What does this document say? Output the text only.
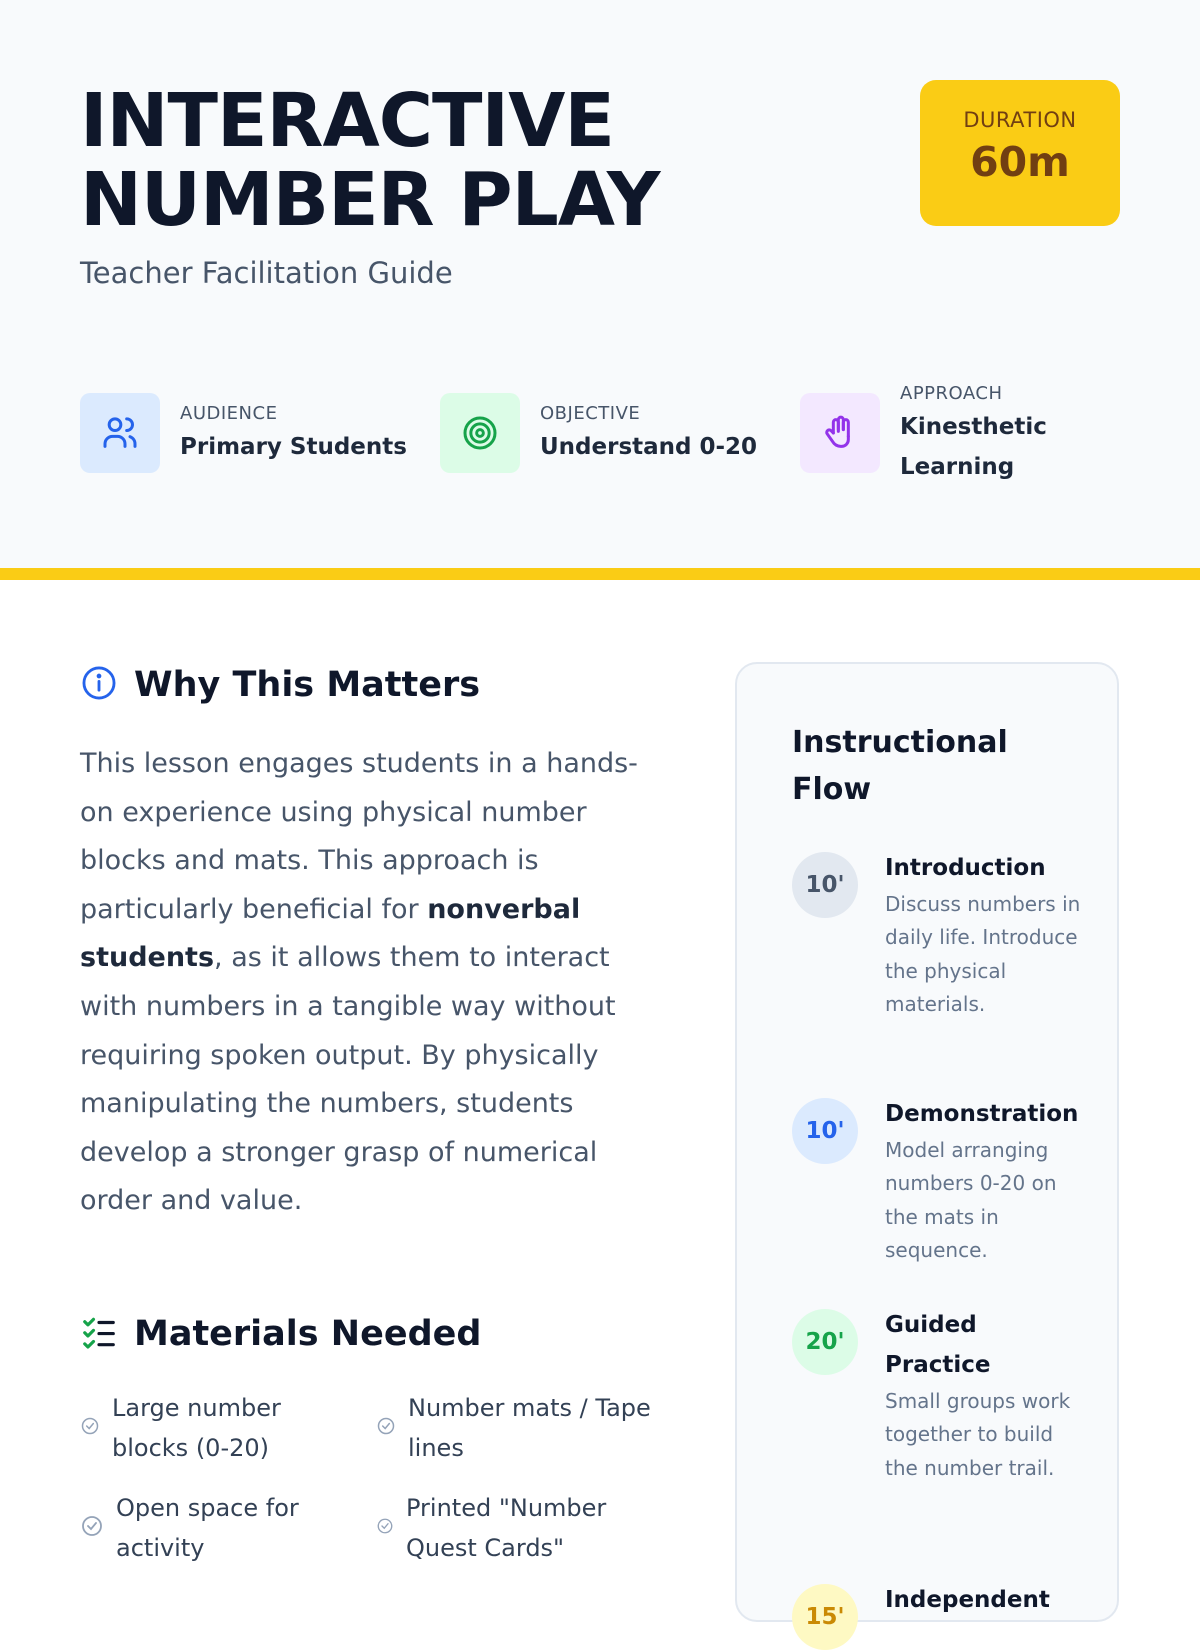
INTERACTIVE
NUMBER PLAY
Teacher Facilitation Guide
DURATION
60m
AUDIENCE
Primary Students
OBJECTIVE
Understand 0-20
APPROACH
Kinesthetic
Learning
Why This Matters
This lesson engages students in a hands-on experience using physical number blocks and mats. This approach is particularly beneficial for nonverbal students, as it allows them to interact with numbers in a tangible way without requiring spoken output. By physically manipulating the numbers, students develop a stronger grasp of numerical order and value.
Materials Needed
Large number blocks (0-20)
Number mats / Tape lines
Open space for activity
Printed "Number Quest Cards"
Instructional Flow
10'
Introduction
Discuss numbers in daily life. Introduce the physical materials.
10'
Demonstration
Model arranging numbers 0-20 on the mats in sequence.
20'
Guided Practice
Small groups work together to build the number trail.
15'
Independent
